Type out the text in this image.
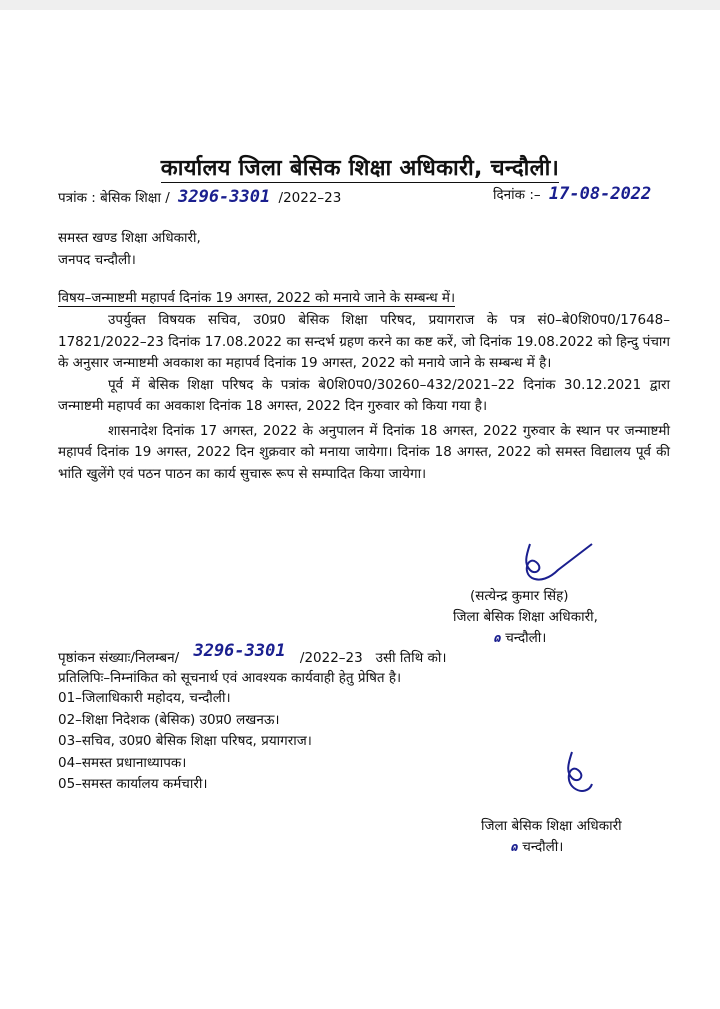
कार्यालय जिला बेसिक शिक्षा अधिकारी, चन्दौली।
पत्रांक : बेसिक शिक्षा / 3296-3301 /2022–23	दिनांक :– 17-08-2022
समस्त खण्ड शिक्षा अधिकारी,
जनपद चन्दौली।
विषय–जन्माष्टमी महापर्व दिनांक 19 अगस्त, 2022 को मनाये जाने के सम्बन्ध में।

उपर्युक्त विषयक सचिव, उ0प्र0 बेसिक शिक्षा परिषद, प्रयागराज के पत्र सं0–बे0शि0प0/17648–17821/2022–23 दिनांक 17.08.2022 का सन्दर्भ ग्रहण करने का कष्ट करें, जो दिनांक 19.08.2022 को हिन्दु पंचाग के अनुसार जन्माष्टमी अवकाश का महापर्व दिनांक 19 अगस्त, 2022 को मनाये जाने के सम्बन्ध में है।

पूर्व में बेसिक शिक्षा परिषद के पत्रांक बे0शि0प0/30260–432/2021–22 दिनांक 30.12.2021 द्वारा जन्माष्टमी महापर्व का अवकाश दिनांक 18 अगस्त, 2022 दिन गुरुवार को किया गया है।

शासनादेश दिनांक 17 अगस्त, 2022 के अनुपालन में दिनांक 18 अगस्त, 2022 गुरुवार के स्थान पर जन्माष्टमी महापर्व दिनांक 19 अगस्त, 2022 दिन शुक्रवार को मनाया जायेगा। दिनांक 18 अगस्त, 2022 को समस्त विद्यालय पूर्व की भांति खुलेंगे एवं पठन पाठन का कार्य सुचारू रूप से सम्पादित किया जायेगा।

(सत्येन्द्र कुमार सिंह)
जिला बेसिक शिक्षा अधिकारी,
ɷ चन्दौली।
पृष्ठांकन संख्याः/निलम्बन/ 3296-3301 /2022–23   उसी तिथि को।
प्रतिलिपिः–निम्नांकित को सूचनार्थ एवं आवश्यक कार्यवाही हेतु प्रेषित है।
01–जिलाधिकारी महोदय, चन्दौली।
02–शिक्षा निदेशक (बेसिक) उ0प्र0 लखनऊ।
03–सचिव, उ0प्र0 बेसिक शिक्षा परिषद, प्रयागराज।
04–समस्त प्रधानाध्यापक।
05–समस्त कार्यालय कर्मचारी।
जिला बेसिक शिक्षा अधिकारी
ɷ चन्दौली।
